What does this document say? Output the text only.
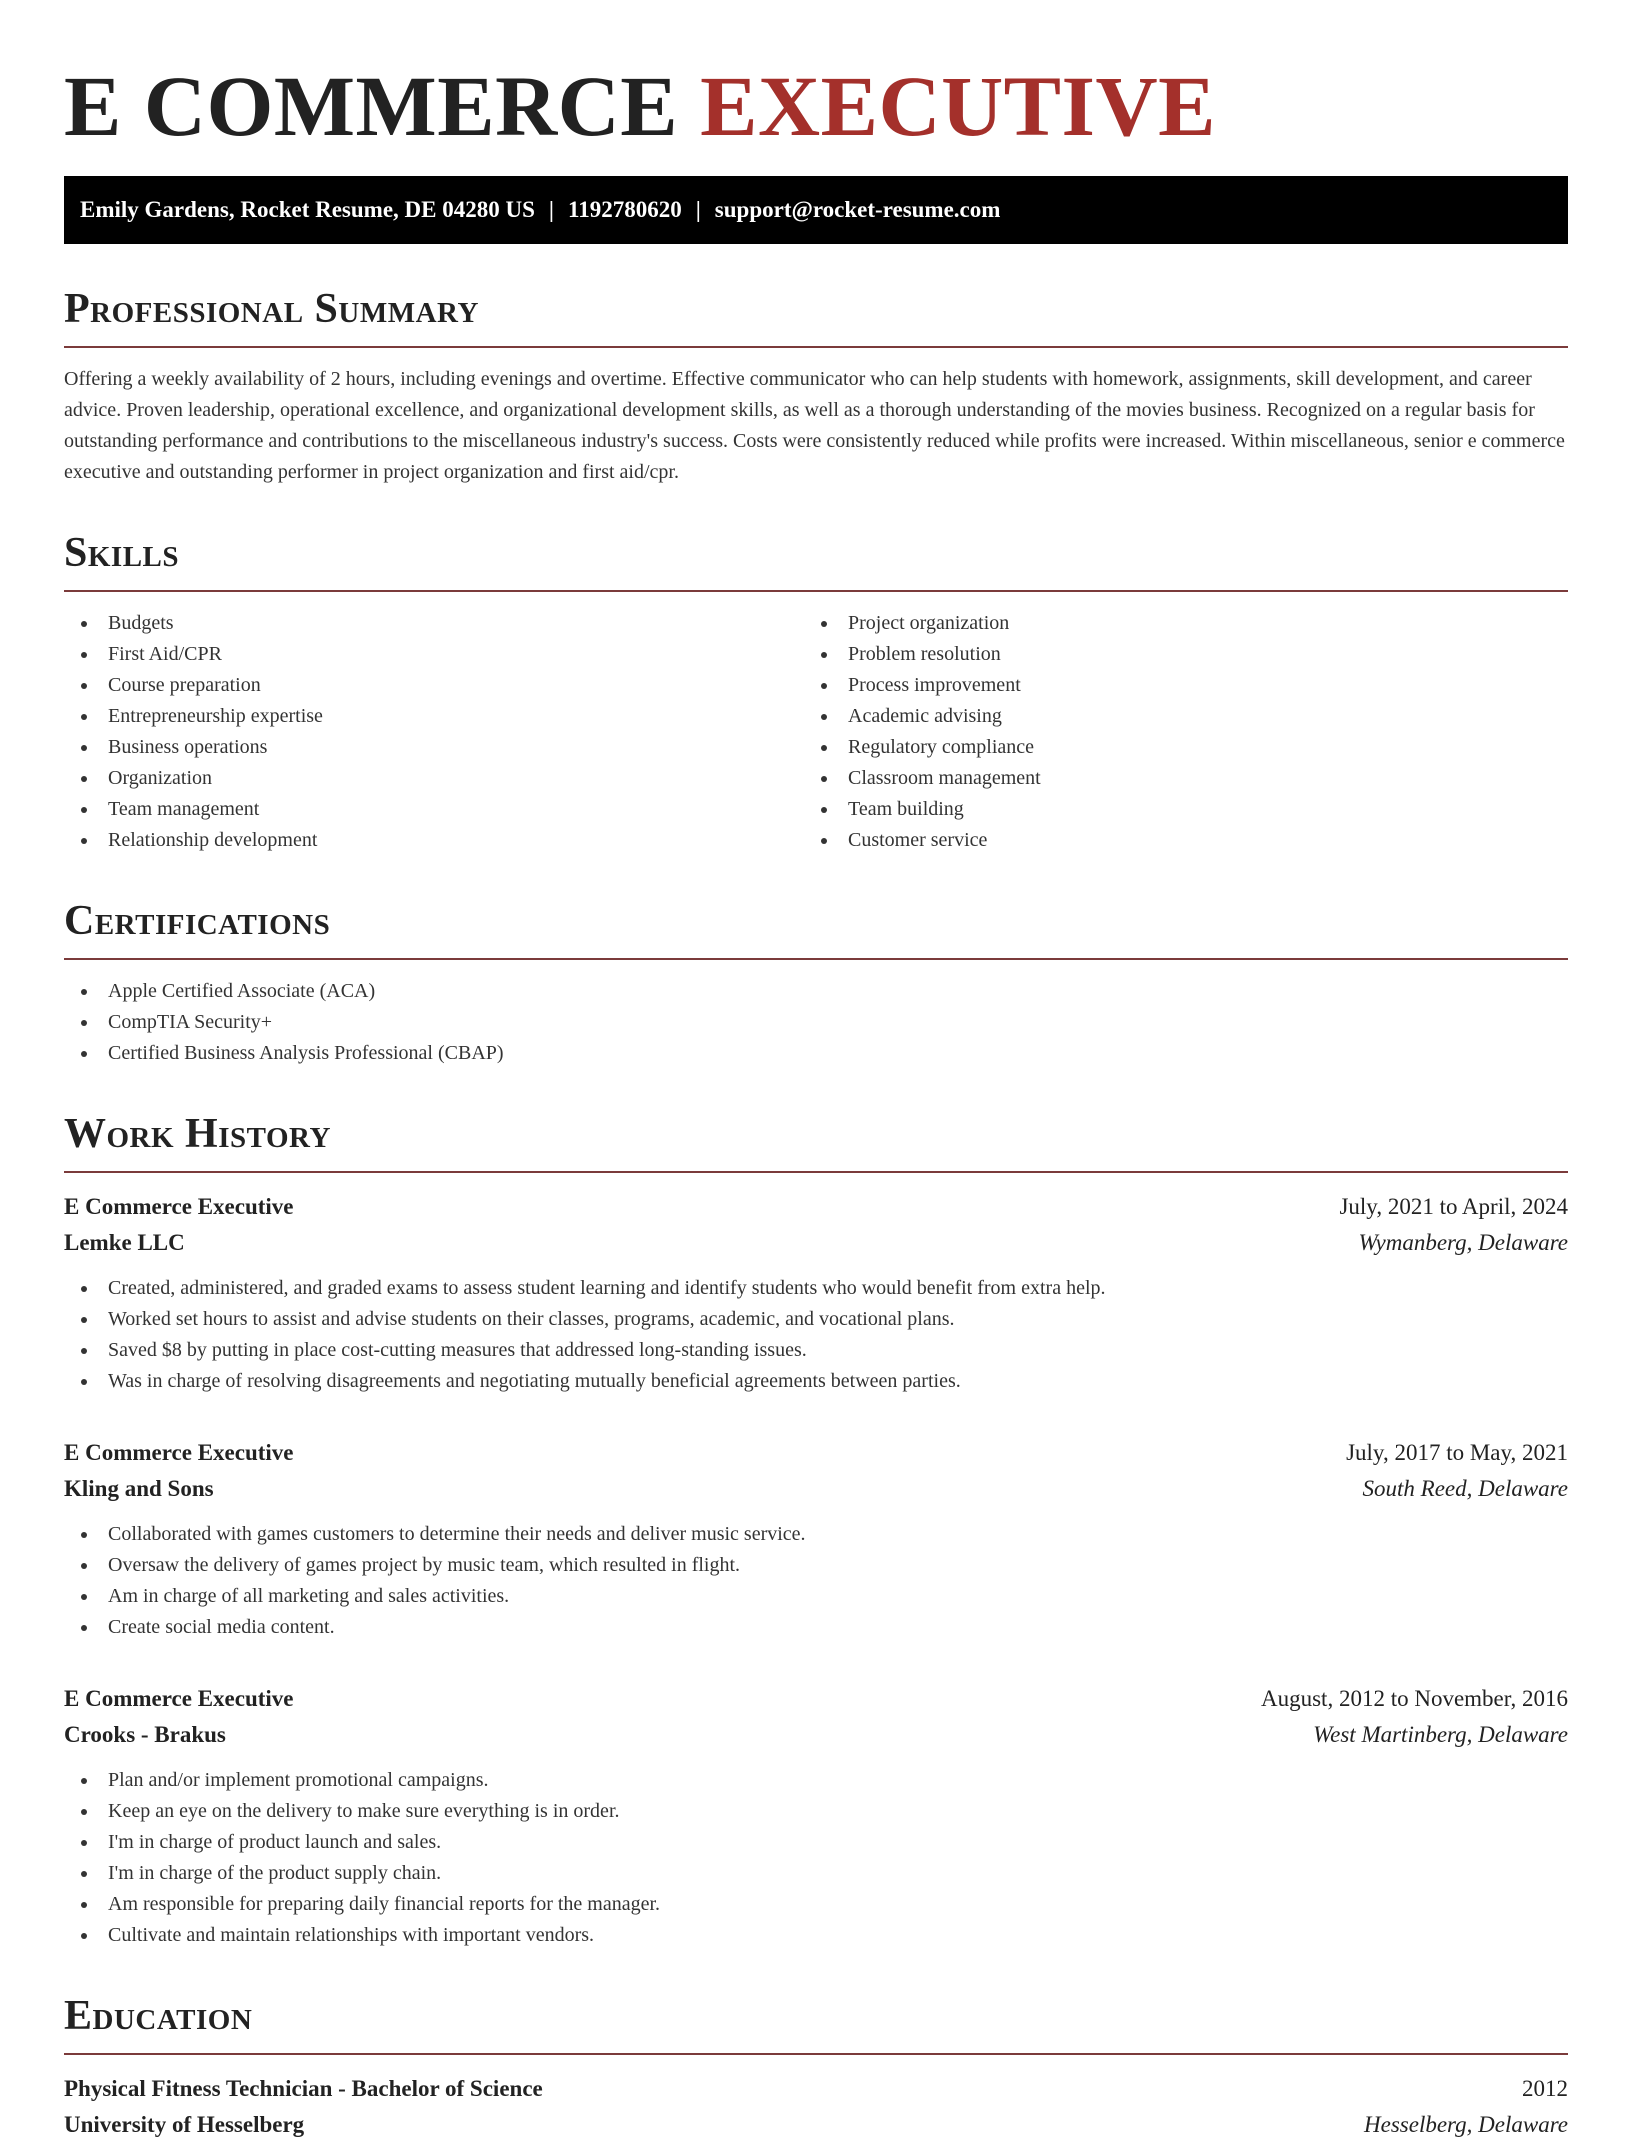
E COMMERCE EXECUTIVE
Emily Gardens, Rocket Resume, DE 04280 US | 1192780620 | support@rocket-resume.com
Professional Summary
Offering a weekly availability of 2 hours, including evenings and overtime. Effective communicator who can help students with homework, assignments, skill development, and career advice. Proven leadership, operational excellence, and organizational development skills, as well as a thorough understanding of the movies business. Recognized on a regular basis for outstanding performance and contributions to the miscellaneous industry's success. Costs were consistently reduced while profits were increased. Within miscellaneous, senior e commerce executive and outstanding performer in project organization and first aid/cpr.
Skills
Budgets
First Aid/CPR
Course preparation
Entrepreneurship expertise
Business operations
Organization
Team management
Relationship development
Project organization
Problem resolution
Process improvement
Academic advising
Regulatory compliance
Classroom management
Team building
Customer service
Certifications
Apple Certified Associate (ACA)
CompTIA Security+
Certified Business Analysis Professional (CBAP)
Work History
E Commerce Executive	July, 2021 to April, 2024
Lemke LLC	Wymanberg, Delaware
Created, administered, and graded exams to assess student learning and identify students who would benefit from extra help.
Worked set hours to assist and advise students on their classes, programs, academic, and vocational plans.
Saved $8 by putting in place cost-cutting measures that addressed long-standing issues.
Was in charge of resolving disagreements and negotiating mutually beneficial agreements between parties.
E Commerce Executive	July, 2017 to May, 2021
Kling and Sons	South Reed, Delaware
Collaborated with games customers to determine their needs and deliver music service.
Oversaw the delivery of games project by music team, which resulted in flight.
Am in charge of all marketing and sales activities.
Create social media content.
E Commerce Executive	August, 2012 to November, 2016
Crooks - Brakus	West Martinberg, Delaware
Plan and/or implement promotional campaigns.
Keep an eye on the delivery to make sure everything is in order.
I'm in charge of product launch and sales.
I'm in charge of the product supply chain.
Am responsible for preparing daily financial reports for the manager.
Cultivate and maintain relationships with important vendors.
Education
Physical Fitness Technician - Bachelor of Science	2012
University of Hesselberg	Hesselberg, Delaware
